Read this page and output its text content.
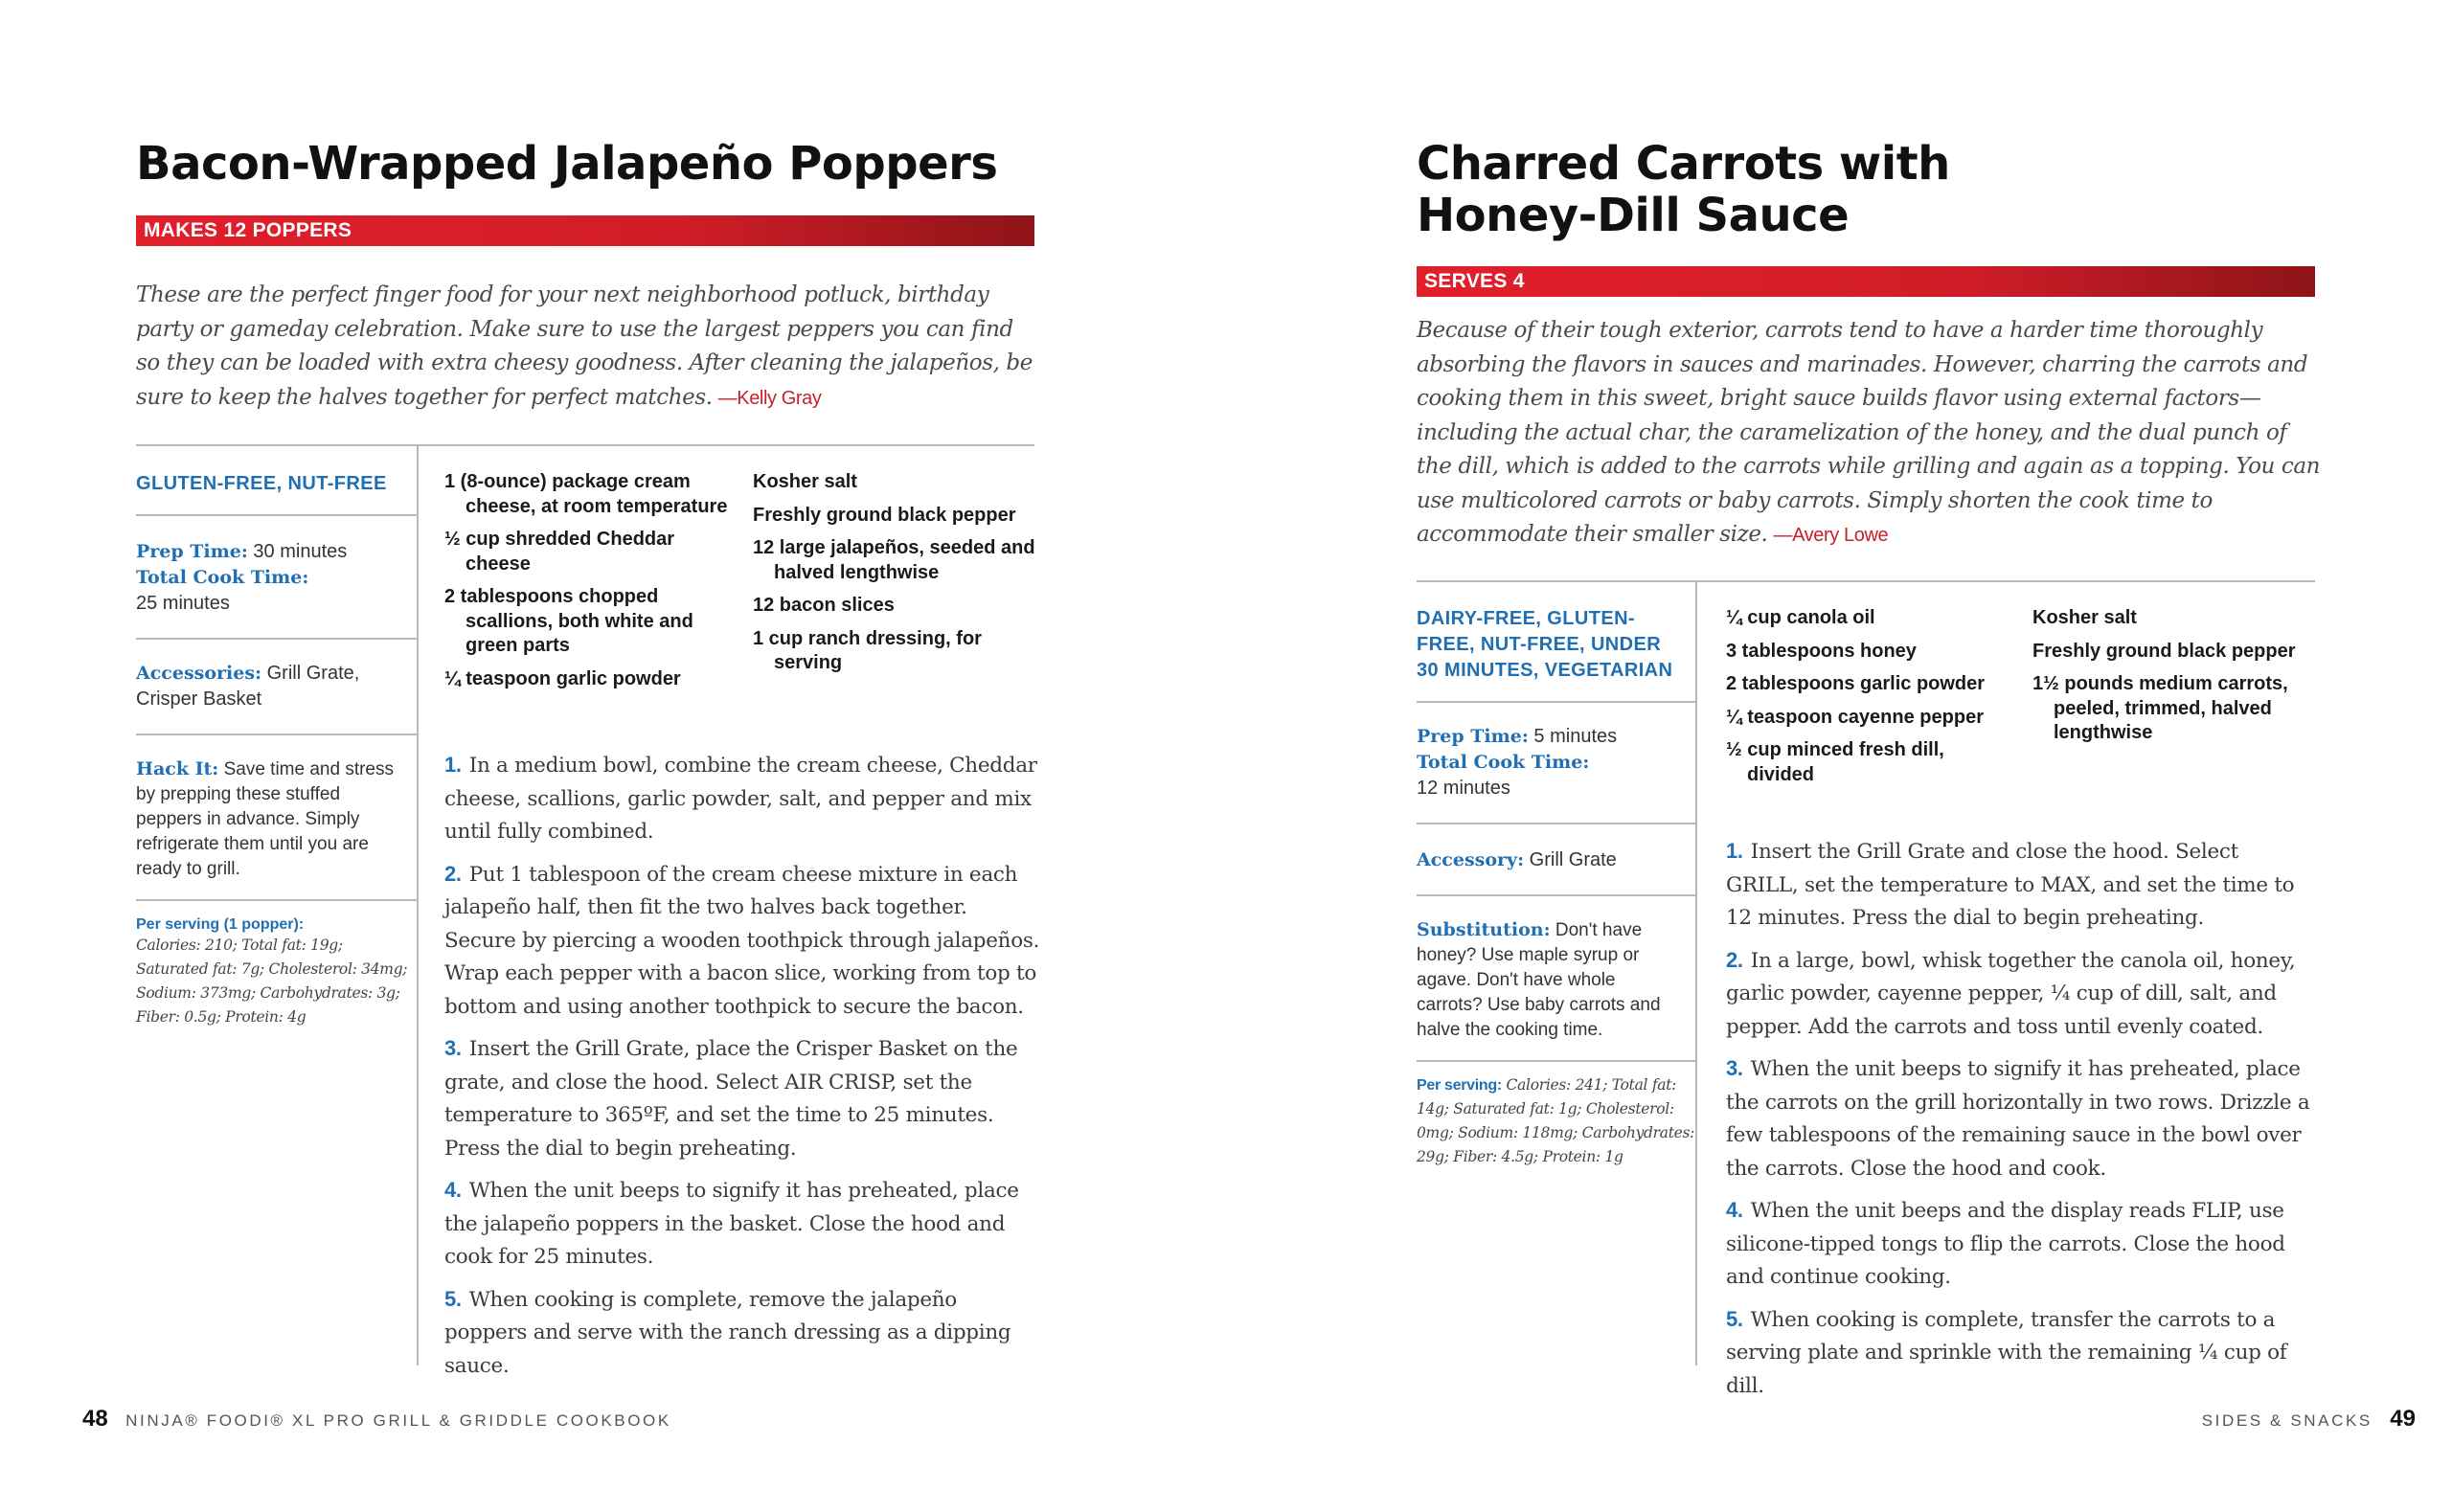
Bacon-Wrapped Jalapeño Poppers
MAKES 12 POPPERS

These are the perfect finger food for your next neighborhood potluck, birthday party or gameday celebration. Make sure to use the largest peppers you can find so they can be loaded with extra cheesy goodness. After cleaning the jalapeños, be sure to keep the halves together for perfect matches. —Kelly Gray

GLUTEN-FREE, NUT-FREE
Prep Time: 30 minutes
Total Cook Time:
25 minutes
Accessories: Grill Grate, Crisper Basket
Hack It: Save time and stress by prepping these stuffed peppers in advance. Simply refrigerate them until you are ready to grill.
Per serving (1 popper):
Calories: 210; Total fat: 19g; Saturated fat: 7g; Cholesterol: 34mg; Sodium: 373mg; Carbohydrates: 3g; Fiber: 0.5g; Protein: 4g
1 (8-ounce) package cream cheese, at room temperature
½ cup shredded Cheddar cheese
2 tablespoons chopped scallions, both white and green parts
¼ teaspoon garlic powder
Kosher salt
Freshly ground black pepper
12 large jalapeños, seeded and halved lengthwise
12 bacon slices
1 cup ranch dressing, for serving
1. In a medium bowl, combine the cream cheese, Cheddar cheese, scallions, garlic powder, salt, and pepper and mix until fully combined.
2. Put 1 tablespoon of the cream cheese mixture in each jalapeño half, then fit the two halves back together. Secure by piercing a wooden toothpick through jalapeños. Wrap each pepper with a bacon slice, working from top to bottom and using another toothpick to secure the bacon.
3. Insert the Grill Grate, place the Crisper Basket on the grate, and close the hood. Select AIR CRISP, set the temperature to 365ºF, and set the time to 25 minutes. Press the dial to begin preheating.
4. When the unit beeps to signify it has preheated, place the jalapeño poppers in the basket. Close the hood and cook for 25 minutes.
5. When cooking is complete, remove the jalapeño poppers and serve with the ranch dressing as a dipping sauce.
48 NINJA® FOODI® XL PRO GRILL & GRIDDLE COOKBOOK
Charred Carrots with
Honey-Dill Sauce
SERVES 4

Because of their tough exterior, carrots tend to have a harder time thoroughly absorbing the flavors in sauces and marinades. However, charring the carrots and cooking them in this sweet, bright sauce builds flavor using external factors—including the actual char, the caramelization of the honey, and the dual punch of the dill, which is added to the carrots while grilling and again as a topping. You can use multicolored carrots or baby carrots. Simply shorten the cook time to accommodate their smaller size. —Avery Lowe

DAIRY-FREE, GLUTEN-FREE, NUT-FREE, UNDER 30 MINUTES, VEGETARIAN
Prep Time: 5 minutes
Total Cook Time:
12 minutes
Accessory: Grill Grate
Substitution: Don't have honey? Use maple syrup or agave. Don't have whole carrots? Use baby carrots and halve the cooking time.
Per serving: Calories: 241; Total fat: 14g; Saturated fat: 1g; Cholesterol: 0mg; Sodium: 118mg; Carbohydrates: 29g; Fiber: 4.5g; Protein: 1g
¼ cup canola oil
3 tablespoons honey
2 tablespoons garlic powder
¼ teaspoon cayenne pepper
½ cup minced fresh dill, divided
Kosher salt
Freshly ground black pepper
1½ pounds medium carrots, peeled, trimmed, halved lengthwise
1. Insert the Grill Grate and close the hood. Select GRILL, set the temperature to MAX, and set the time to 12 minutes. Press the dial to begin preheating.
2. In a large, bowl, whisk together the canola oil, honey, garlic powder, cayenne pepper, ¼ cup of dill, salt, and pepper. Add the carrots and toss until evenly coated.
3. When the unit beeps to signify it has preheated, place the carrots on the grill horizontally in two rows. Drizzle a few tablespoons of the remaining sauce in the bowl over the carrots. Close the hood and cook.
4. When the unit beeps and the display reads FLIP, use silicone-tipped tongs to flip the carrots. Close the hood and continue cooking.
5. When cooking is complete, transfer the carrots to a serving plate and sprinkle with the remaining ¼ cup of dill.
SIDES & SNACKS 49
